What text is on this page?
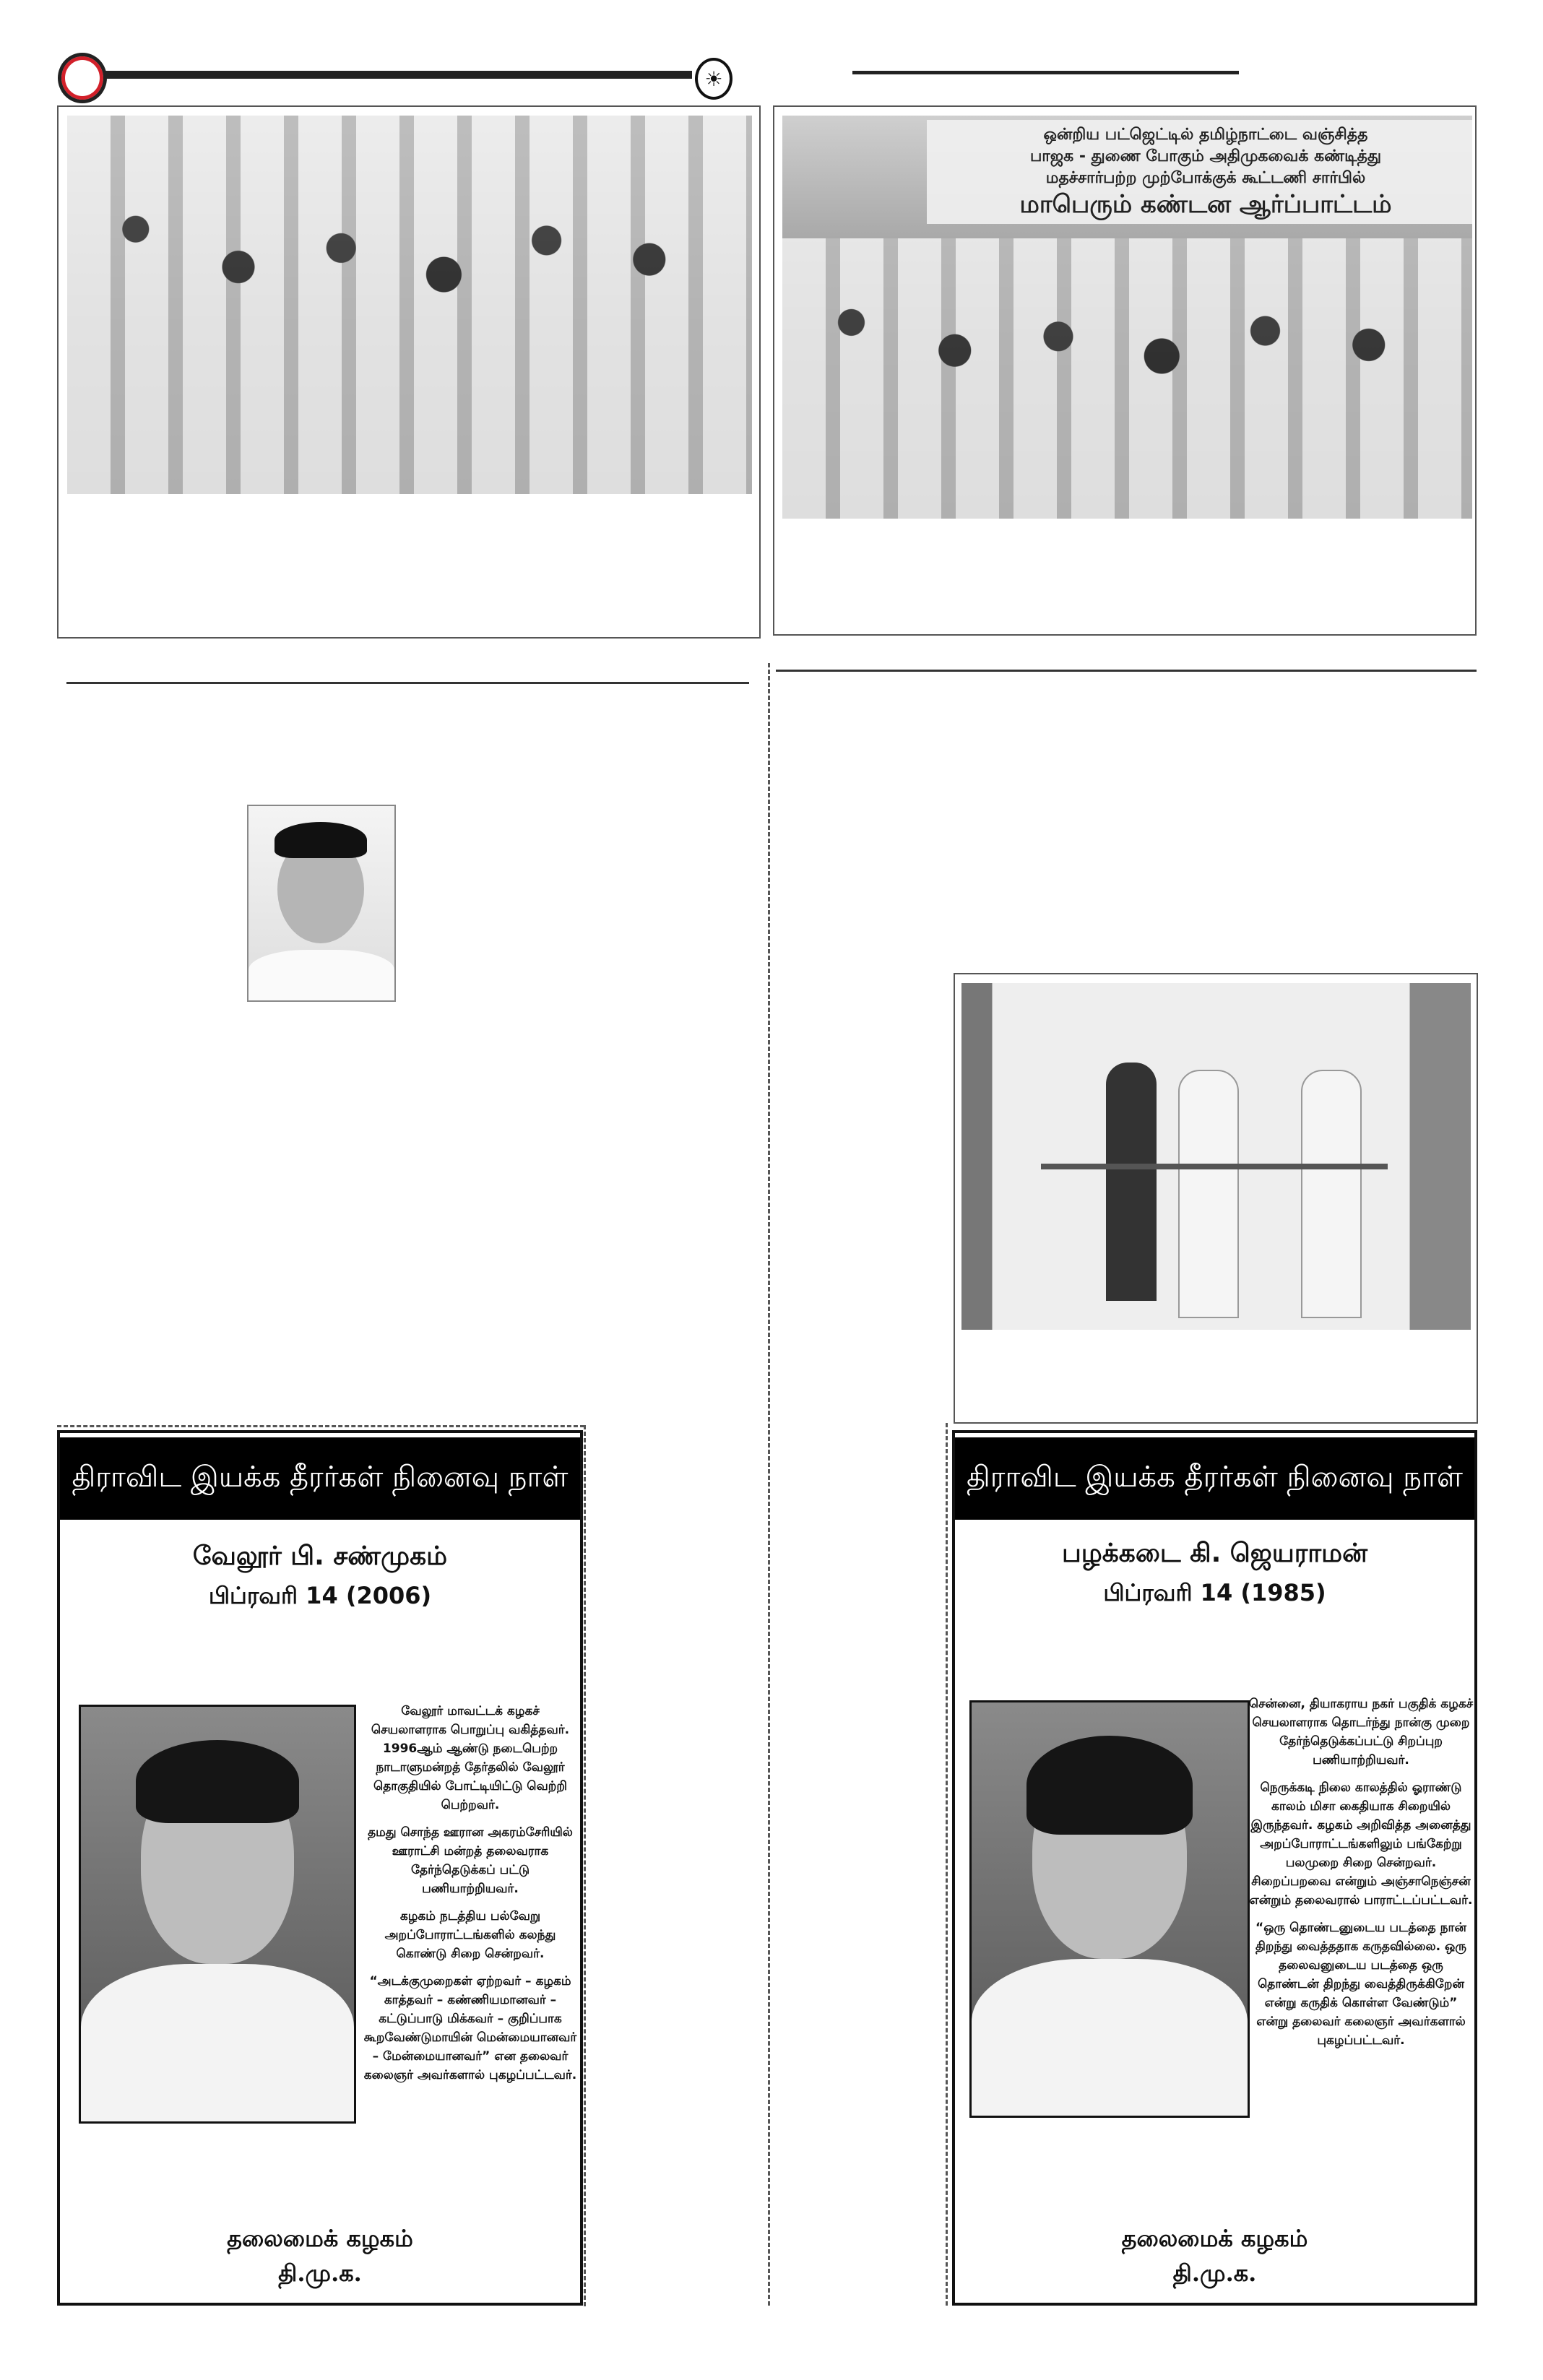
☀
ஒன்றிய பட்ஜெட்டில் தமிழ்நாட்டை வஞ்சித்த
பாஜக - துணை போகும் அதிமுகவைக் கண்டித்து
மதச்சார்பற்ற முற்போக்குக் கூட்டணி சார்பில்
மாபெரும் கண்டன ஆர்ப்பாட்டம்
திராவிட இயக்க தீரர்கள் நினைவு நாள்
வேலூர் பி. சண்முகம்
பிப்ரவரி 14 (2006)

வேலூர் மாவட்டக் கழகச் செயலாளராக பொறுப்பு வகித்தவர். 1996ஆம் ஆண்டு நடைபெற்ற நாடாளுமன்றத் தேர்தலில் வேலூர் தொகுதியில் போட்டியிட்டு வெற்றி பெற்றவர்.

தமது சொந்த ஊரான அகரம்சேரியில் ஊராட்சி மன்றத் தலைவராக தேர்ந்தெடுக்கப் பட்டு பணியாற்றியவர்.

கழகம் நடத்திய பல்வேறு அறப்போராட்டங்களில் கலந்து கொண்டு சிறை சென்றவர்.

“அடக்குமுறைகள் ஏற்றவர் – கழகம் காத்தவர் – கண்ணியமானவர் – கட்டுப்பாடு மிக்கவர் – குறிப்பாக கூறவேண்டுமாயின் மென்மையானவர் – மேன்மையானவர்” என தலைவர் கலைஞர் அவர்களால் புகழப்பட்டவர்.

தலைமைக் கழகம்
தி.மு.க.
திராவிட இயக்க தீரர்கள் நினைவு நாள்
பழக்கடை கி. ஜெயராமன்
பிப்ரவரி 14 (1985)

சென்னை, தியாகராய நகர் பகுதிக் கழகச் செயலாளராக தொடர்ந்து நான்கு முறை தேர்ந்தெடுக்கப்பட்டு சிறப்புற பணியாற்றியவர்.

நெருக்கடி நிலை காலத்தில் ஓராண்டு காலம் மிசா கைதியாக சிறையில் இருந்தவர். கழகம் அறிவித்த அனைத்து அறப்போராட்டங்களிலும் பங்கேற்று பலமுறை சிறை சென்றவர். சிறைப்பறவை என்றும் அஞ்சாநெஞ்சன் என்றும் தலைவரால் பாராட்டப்பட்டவர்.

“ஒரு தொண்டனுடைய படத்தை நான் திறந்து வைத்ததாக கருதவில்லை. ஒரு தலைவனுடைய படத்தை ஒரு தொண்டன் திறந்து வைத்திருக்கிறேன் என்று கருதிக் கொள்ள வேண்டும்” என்று தலைவர் கலைஞர் அவர்களால் புகழப்பட்டவர்.

தலைமைக் கழகம்
தி.மு.க.
